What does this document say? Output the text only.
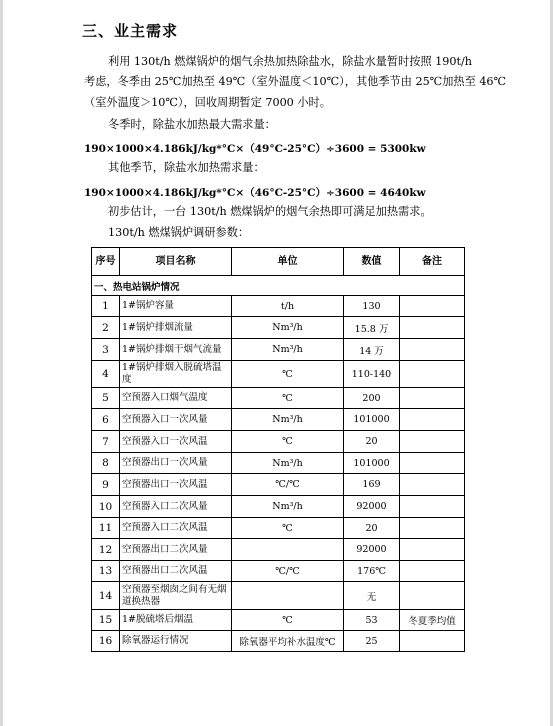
三、业主需求
利用 130t/h 燃煤锅炉的烟气余热加热除盐水，除盐水量暂时按照 190t/h
考虑，冬季由 25℃加热至 49℃（室外温度＜10℃），其他季节由 25℃加热至 46℃
（室外温度＞10℃），回收周期暂定 7000 小时。
冬季时，除盐水加热最大需求量：
190×1000×4.186kJ/kg*°C×（49°C-25°C）÷3600 = 5300kw
其他季节，除盐水加热需求量：
190×1000×4.186kJ/kg*°C×（46°C-25°C）÷3600 = 4640kw
初步估计，一台 130t/h 燃煤锅炉的烟气余热即可满足加热需求。
130t/h 燃煤锅炉调研参数：
序号	项目名称	单位	数值	备注
一、热电站锅炉情况				
1	1#锅炉容量	t/h	130	
2	1#锅炉排烟流量	Nm³/h	15.8 万	
3	1#锅炉排烟干烟气流量	Nm³/h	14 万	
4	1#锅炉排烟入脱硫塔温度	℃	110-140	
5	空预器入口烟气温度	℃	200	
6	空预器入口一次风量	Nm³/h	101000	
7	空预器入口一次风温	℃	20	
8	空预器出口一次风量	Nm³/h	101000	
9	空预器出口一次风温	℃/℃	169	
10	空预器入口二次风量	Nm³/h	92000	
11	空预器入口二次风温	℃	20	
12	空预器出口二次风量		92000	
13	空预器出口二次风温	℃/℃	176℃	
14	空预器至烟囱之间有无烟道换热器		无	
15	1#脱硫塔后烟温	℃	53	冬夏季均值
16	除氧器运行情况	除氧器平均补水温度℃	25	
